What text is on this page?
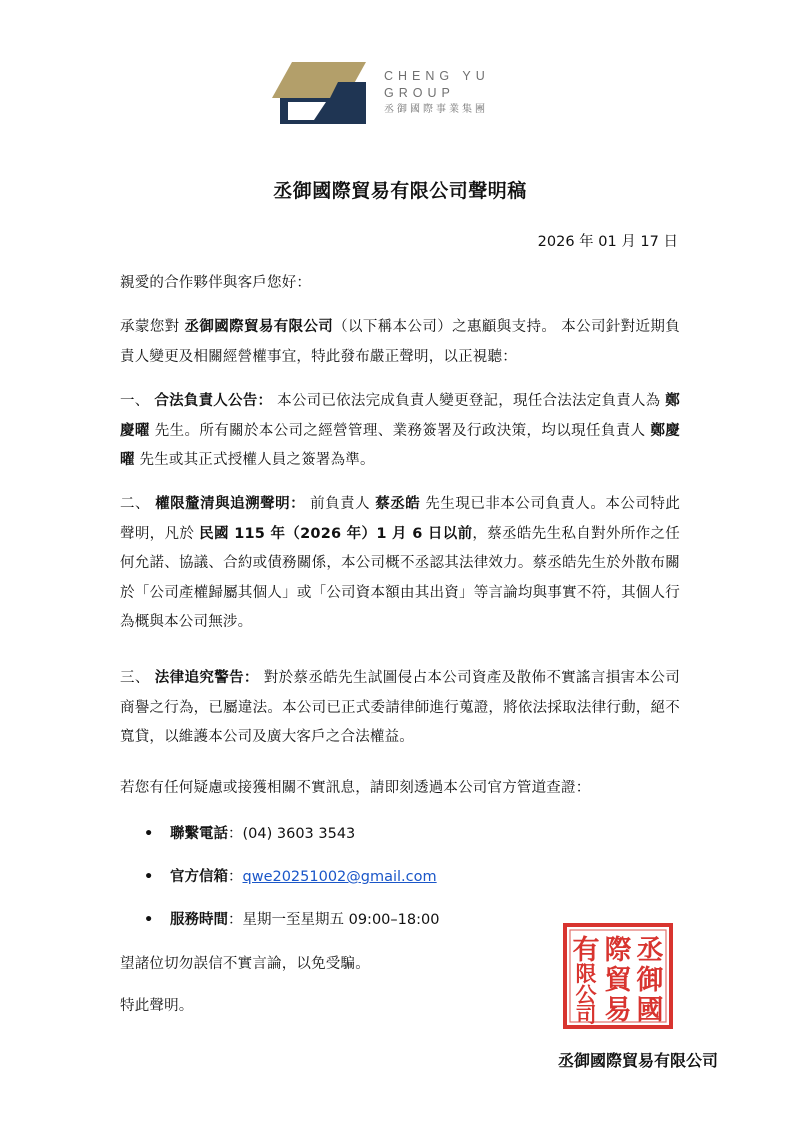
CHENG YU
GROUP
丞御國際事業集團
丞御國際貿易有限公司聲明稿
2026 年 01 月 17 日
親愛的合作夥伴與客戶您好：
承蒙您對 丞御國際貿易有限公司（以下稱本公司）之惠顧與支持。 本公司針對近期負責人變更及相關經營權事宜，特此發布嚴正聲明，以正視聽：
一、 合法負責人公告： 本公司已依法完成負責人變更登記，現任合法法定負責人為 鄭慶曜 先生。所有關於本公司之經營管理、業務簽署及行政決策，均以現任負責人 鄭慶曜 先生或其正式授權人員之簽署為準。
二、 權限釐清與追溯聲明： 前負責人 蔡丞皓 先生現已非本公司負責人。本公司特此聲明，凡於 民國 115 年（2026 年）1 月 6 日以前，蔡丞皓先生私自對外所作之任何允諾、協議、合約或債務關係，本公司概不丞認其法律效力。蔡丞皓先生於外散布關於「公司產權歸屬其個人」或「公司資本額由其出資」等言論均與事實不符，其個人行為概與本公司無涉。
三、 法律追究警告： 對於蔡丞皓先生試圖侵占本公司資產及散佈不實謠言損害本公司商譽之行為，已屬違法。本公司已正式委請律師進行蒐證，將依法採取法律行動，絕不寬貸，以維護本公司及廣大客戶之合法權益。
若您有任何疑慮或接獲相關不實訊息，請即刻透過本公司官方管道查證：
• 聯繫電話：(04) 3603 3543
• 官方信箱：qwe20251002@gmail.com
• 服務時間：星期一至星期五 09:00–18:00
望諸位切勿誤信不實言論，以免受騙。
特此聲明。
丞
御
國
際
貿
易
有
限
公
司
丞御國際貿易有限公司
